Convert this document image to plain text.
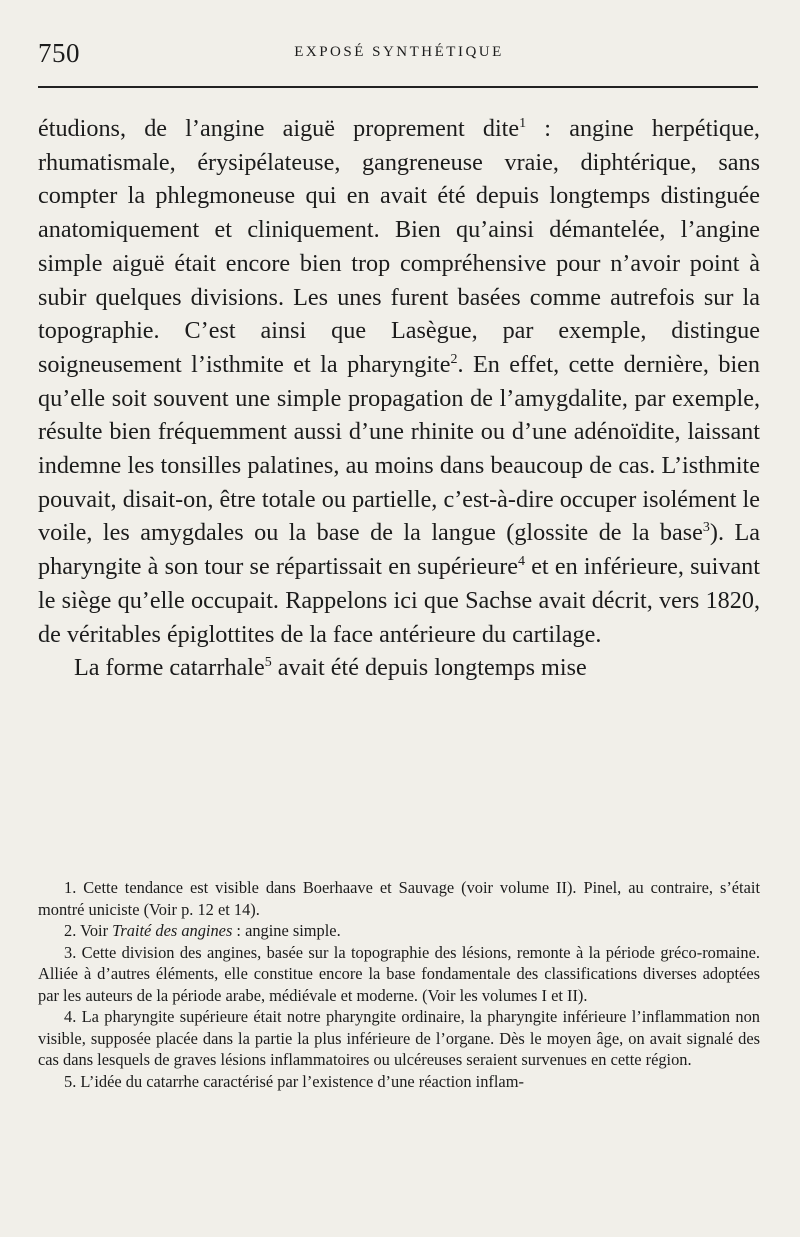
750	EXPOSÉ SYNTHÉTIQUE

étudions, de l’angine aiguë proprement dite$^1$ : angine herpétique, rhumatismale, érysipélateuse, gangreneuse vraie, diphtérique, sans compter la phlegmoneuse qui en avait été depuis longtemps distinguée anatomiquement et cliniquement. Bien qu’ainsi démantelée, l’angine simple aiguë était encore bien trop compréhensive pour n’avoir point à subir quelques divisions. Les unes furent basées comme autrefois sur la topographie. C’est ainsi que Lasègue, par exemple, distingue soigneusement l’isthmite et la pharyngite$^2$. En effet, cette dernière, bien qu’elle soit souvent une simple propagation de l’amygdalite, par exemple, résulte bien fréquemment aussi d’une rhinite ou d’une adénoïdite, laissant indemne les tonsilles palatines, au moins dans beaucoup de cas. L’isthmite pouvait, disait-on, être totale ou partielle, c’est-à-dire occuper isolément le voile, les amygdales ou la base de la langue (glossite de la base$^3$). La pharyngite à son tour se répartissait en supérieure$^4$ et en inférieure, suivant le siège qu’elle occupait. Rappelons ici que Sachse avait décrit, vers 1820, de véritables épiglottites de la face antérieure du cartilage.

La forme catarrhale$^5$ avait été depuis longtemps mise

1. Cette tendance est visible dans Boerhaave et Sauvage (voir volume II). Pinel, au contraire, s’était montré uniciste (Voir p. 12 et 14).

2. Voir Traité des angines : angine simple.

3. Cette division des angines, basée sur la topographie des lésions, remonte à la période gréco-romaine. Alliée à d’autres éléments, elle constitue encore la base fondamentale des classifications diverses adoptées par les auteurs de la période arabe, médiévale et moderne. (Voir les volumes I et II).

4. La pharyngite supérieure était notre pharyngite ordinaire, la pharyngite inférieure l’inflammation non visible, supposée placée dans la partie la plus inférieure de l’organe. Dès le moyen âge, on avait signalé des cas dans lesquels de graves lésions inflammatoires ou ulcéreuses seraient survenues en cette région.

5. L’idée du catarrhe caractérisé par l’existence d’une réaction inflam-
